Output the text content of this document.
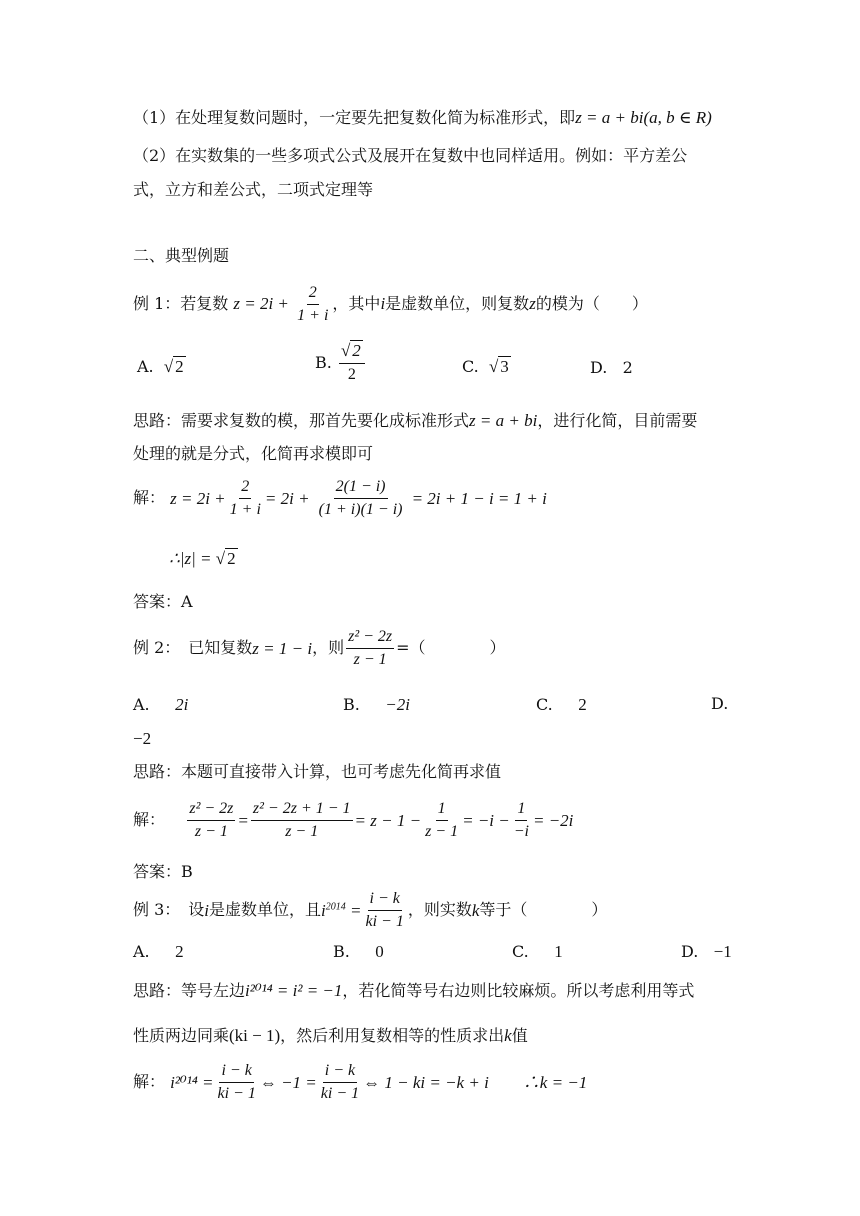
（1）在处理复数问题时，一定要先把复数化简为标准形式，即z = a + bi(a, b ∈ R)
（2）在实数集的一些多项式公式及展开在复数中也同样适用。例如：平方差公
式，立方和差公式，二项式定理等
二、典型例题
例 1：若复数 $z = 2i + \frac{2}{1 + i}$ ，其中i是虚数单位，则复数z的模为（　　）
A. √ 2	B.
$\frac{√ 2}{2}$	C. √ 3	D. 2
思路：需要求复数的模，那首先要化成标准形式z = a + bi，进行化简，目前需要
处理的就是分式，化简再求模即可
解：
$z = 2i + \frac{2}{1 + i} = 2i$ +
$\frac{2(1 - i)}{(1 + i)(1 - i)}$
= 2i + 1 − i = 1 + i
∴|z| = √ 2
答案：A
例 2：　已知复数 z = 1 − i ，则 $\frac{\text{z² − 2z}}{z - 1}$ =（　　　　）
A. 2i	B. −2i	C. 2	D.
−2
思路：本题可直接带入计算，也可考虑先化简再求值
解：
$\frac{\text{z² − 2z}}{z - 1} = \frac{\text{z² − 2z + 1 − 1}}{z - 1} = z - 1 - \frac{1}{z - 1} = -i - \frac{1}{-i} = -2i$
答案：B
例 3：　设 i 是虚数单位，且 $i^{2014} = \frac{i - k}{ki - 1}$ ，则实数 k 等于（　　　　）
A. 2	B. 0	C. 1	D. −1
思路：等号左边i²⁰¹⁴ = i² = −1，若化简等号右边则比较麻烦。所以考虑利用等式
性质两边同乘(ki − 1)，然后利用复数相等的性质求出k值
解：
$i^{2014} = \frac{i - k}{ki - 1}$ ⇔ $-1 = \frac{i - k}{ki - 1}$ ⇔ 1 − ki = −k + i　　∴k = −1
